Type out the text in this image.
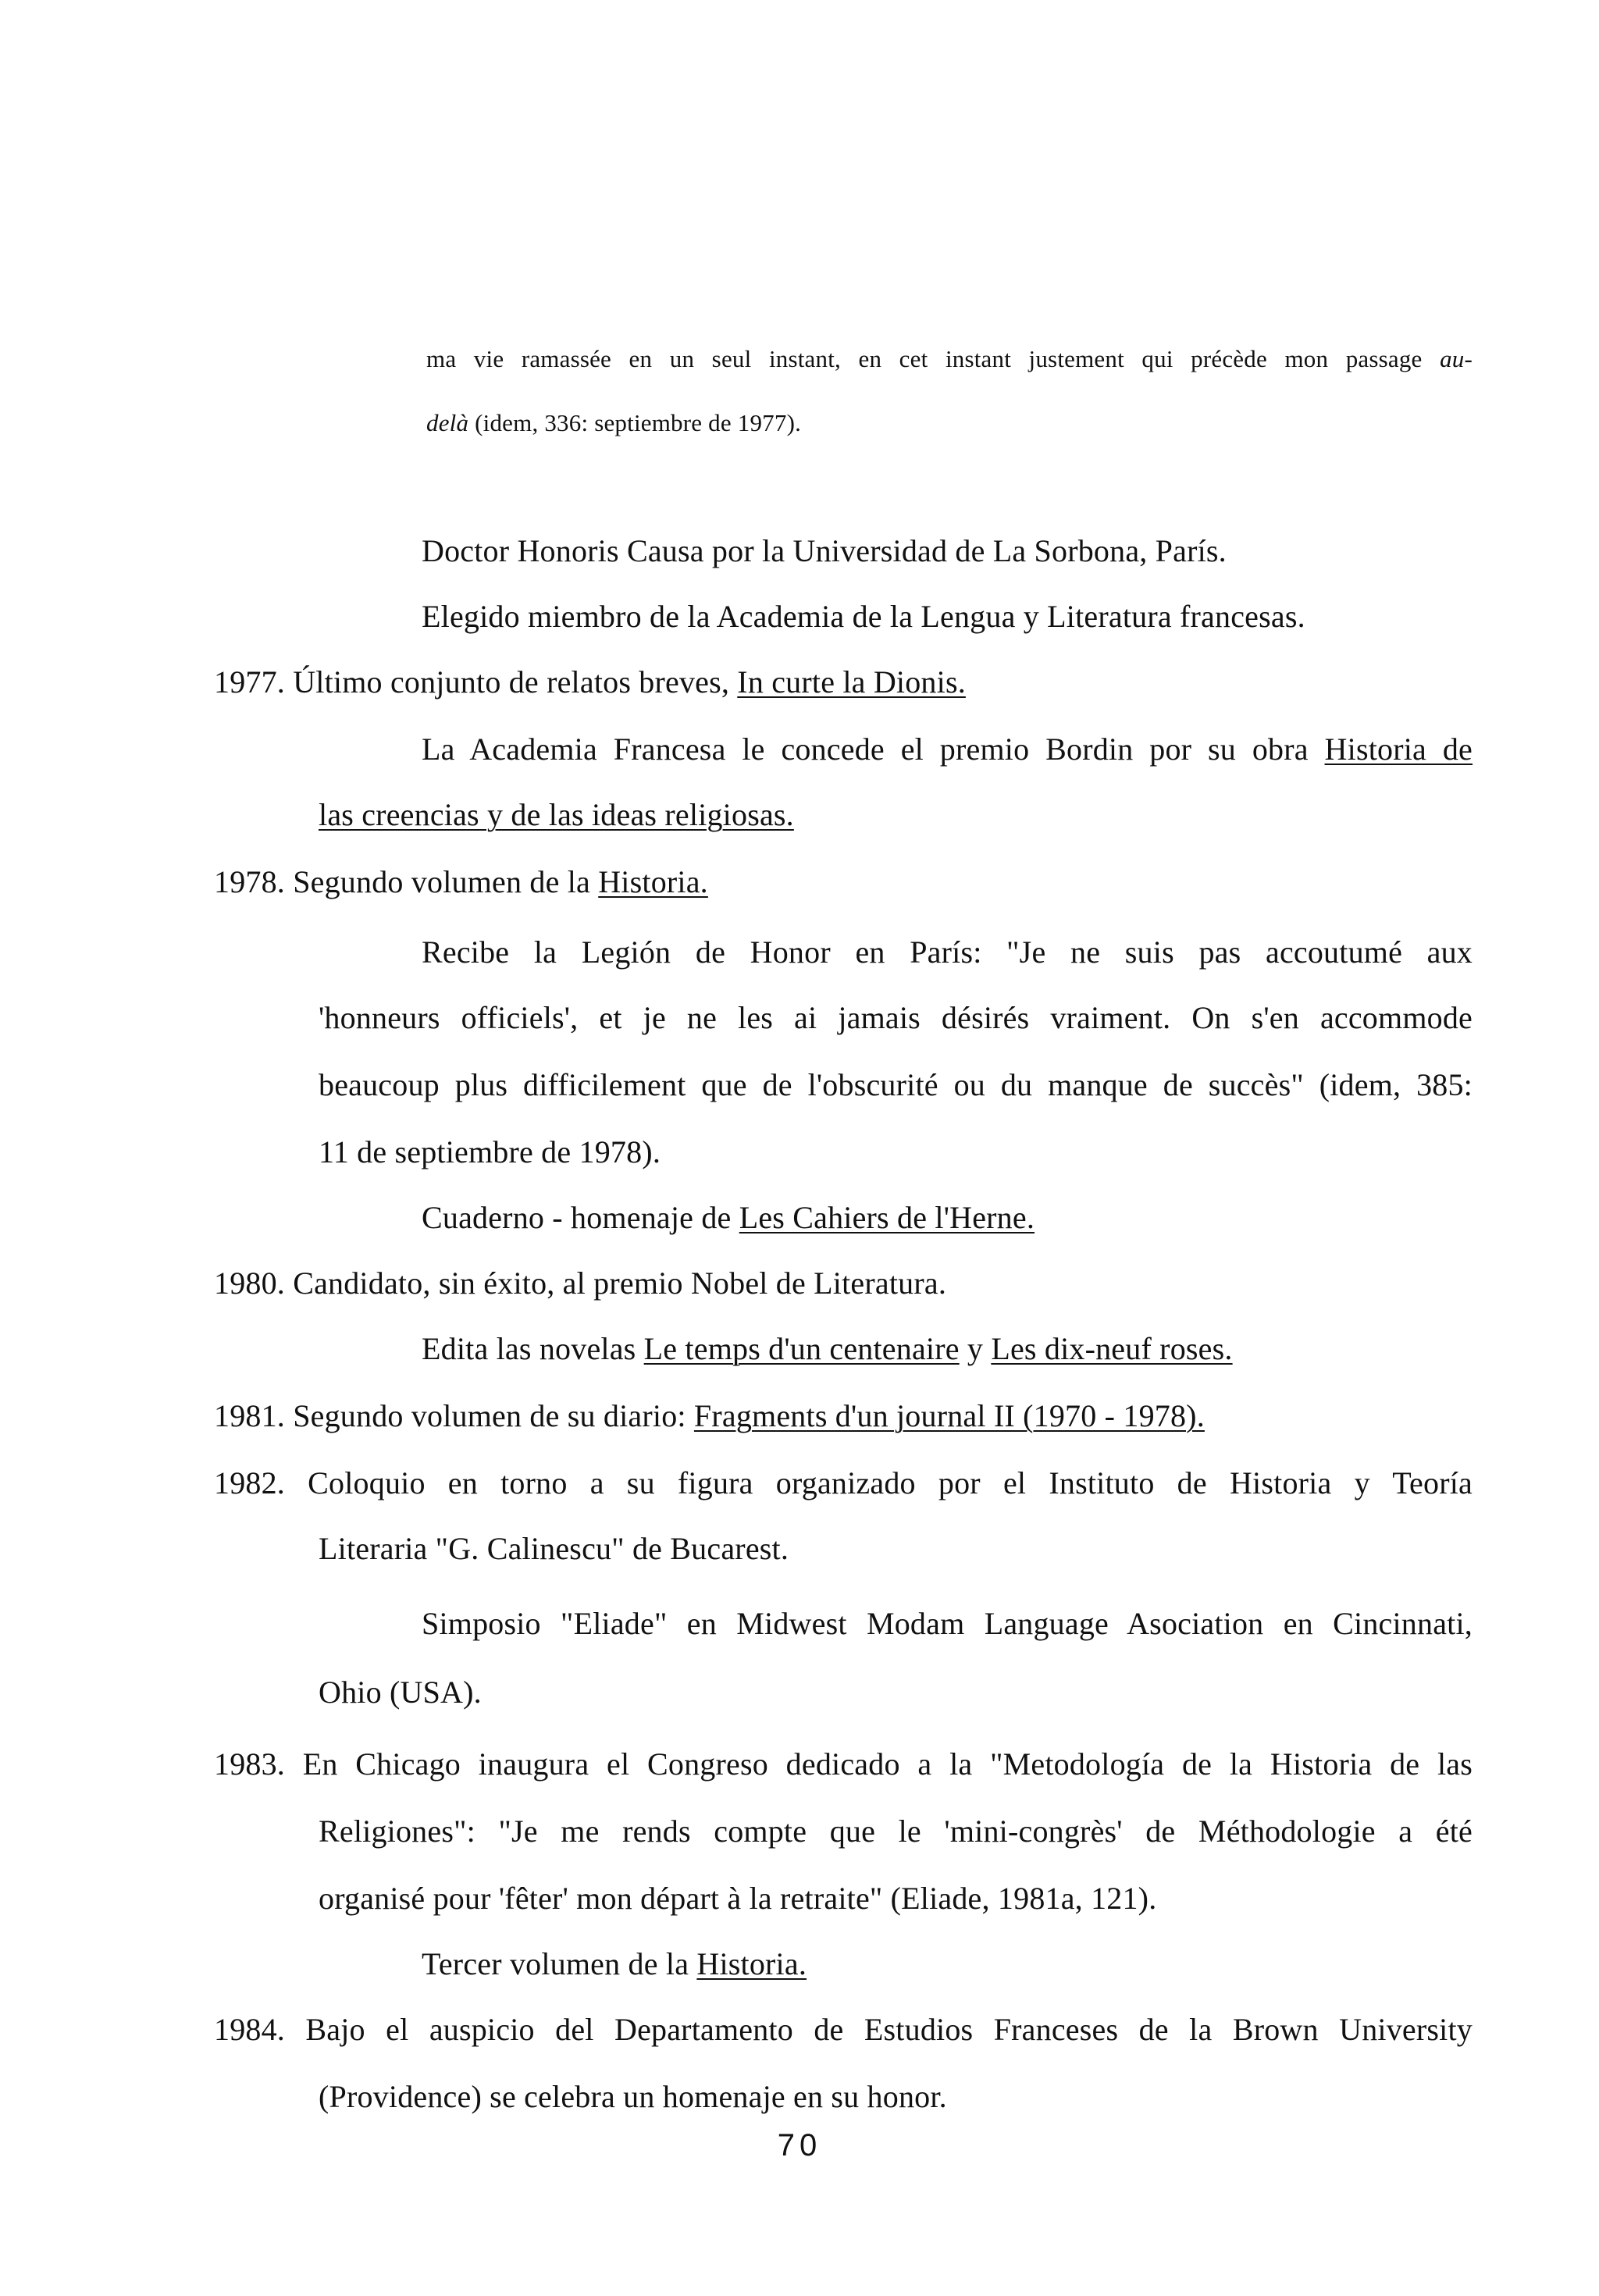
ma vie ramassée en un seul instant, en cet instant justement qui précède mon passage au-
delà (idem, 336: septiembre de 1977).
Doctor Honoris Causa por la Universidad de La Sorbona, París.
Elegido miembro de la Academia de la Lengua y Literatura francesas.
1977. Último conjunto de relatos breves, In curte la Dionis.
La Academia Francesa le concede el premio Bordin por su obra Historia de
las creencias y de las ideas religiosas.
1978. Segundo volumen de la Historia.
Recibe la Legión de Honor en París: "Je ne suis pas accoutumé aux
'honneurs officiels', et je ne les ai jamais désirés vraiment. On s'en accommode
beaucoup plus difficilement que de l'obscurité ou du manque de succès" (idem, 385:
11 de septiembre de 1978).
Cuaderno - homenaje de Les Cahiers de l'Herne.
1980. Candidato, sin éxito, al premio Nobel de Literatura.
Edita las novelas Le temps d'un centenaire y Les dix-neuf roses.
1981. Segundo volumen de su diario: Fragments d'un journal II (1970 - 1978).
1982. Coloquio en torno a su figura organizado por el Instituto de Historia y Teoría
Literaria "G. Calinescu" de Bucarest.
Simposio "Eliade" en Midwest Modam Language Asociation en Cincinnati,
Ohio (USA).
1983. En Chicago inaugura el Congreso dedicado a la "Metodología de la Historia de las
Religiones": "Je me rends compte que le 'mini-congrès' de Méthodologie a été
organisé pour 'fêter' mon départ à la retraite" (Eliade, 1981a, 121).
Tercer volumen de la Historia.
1984. Bajo el auspicio del Departamento de Estudios Franceses de la Brown University
(Providence) se celebra un homenaje en su honor.
70
